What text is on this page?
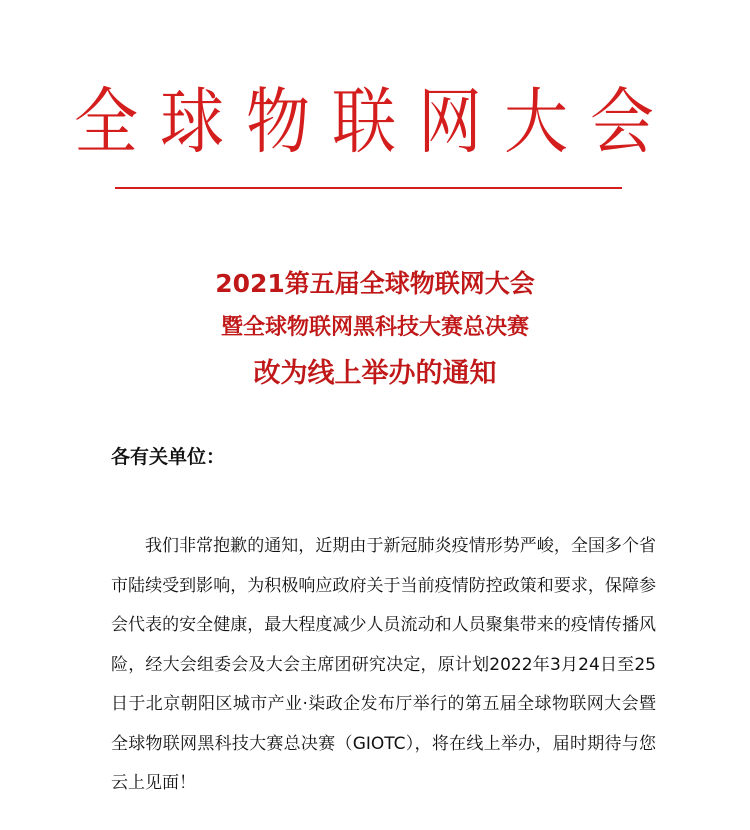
全球物联网大会
2021第五届全球物联网大会
暨全球物联网黑科技大赛总决赛
改为线上举办的通知
各有关单位：

我们非常抱歉的通知，近期由于新冠肺炎疫情形势严峻，全国多个省市陆续受到影响，为积极响应政府关于当前疫情防控政策和要求，保障参会代表的安全健康，最大程度减少人员流动和人员聚集带来的疫情传播风险，经大会组委会及大会主席团研究决定，原计划2022年3月24日至25日于北京朝阳区城市产业·柒政企发布厅举行的第五届全球物联网大会暨全球物联网黑科技大赛总决赛（GIOTC），将在线上举办，届时期待与您云上见面！
